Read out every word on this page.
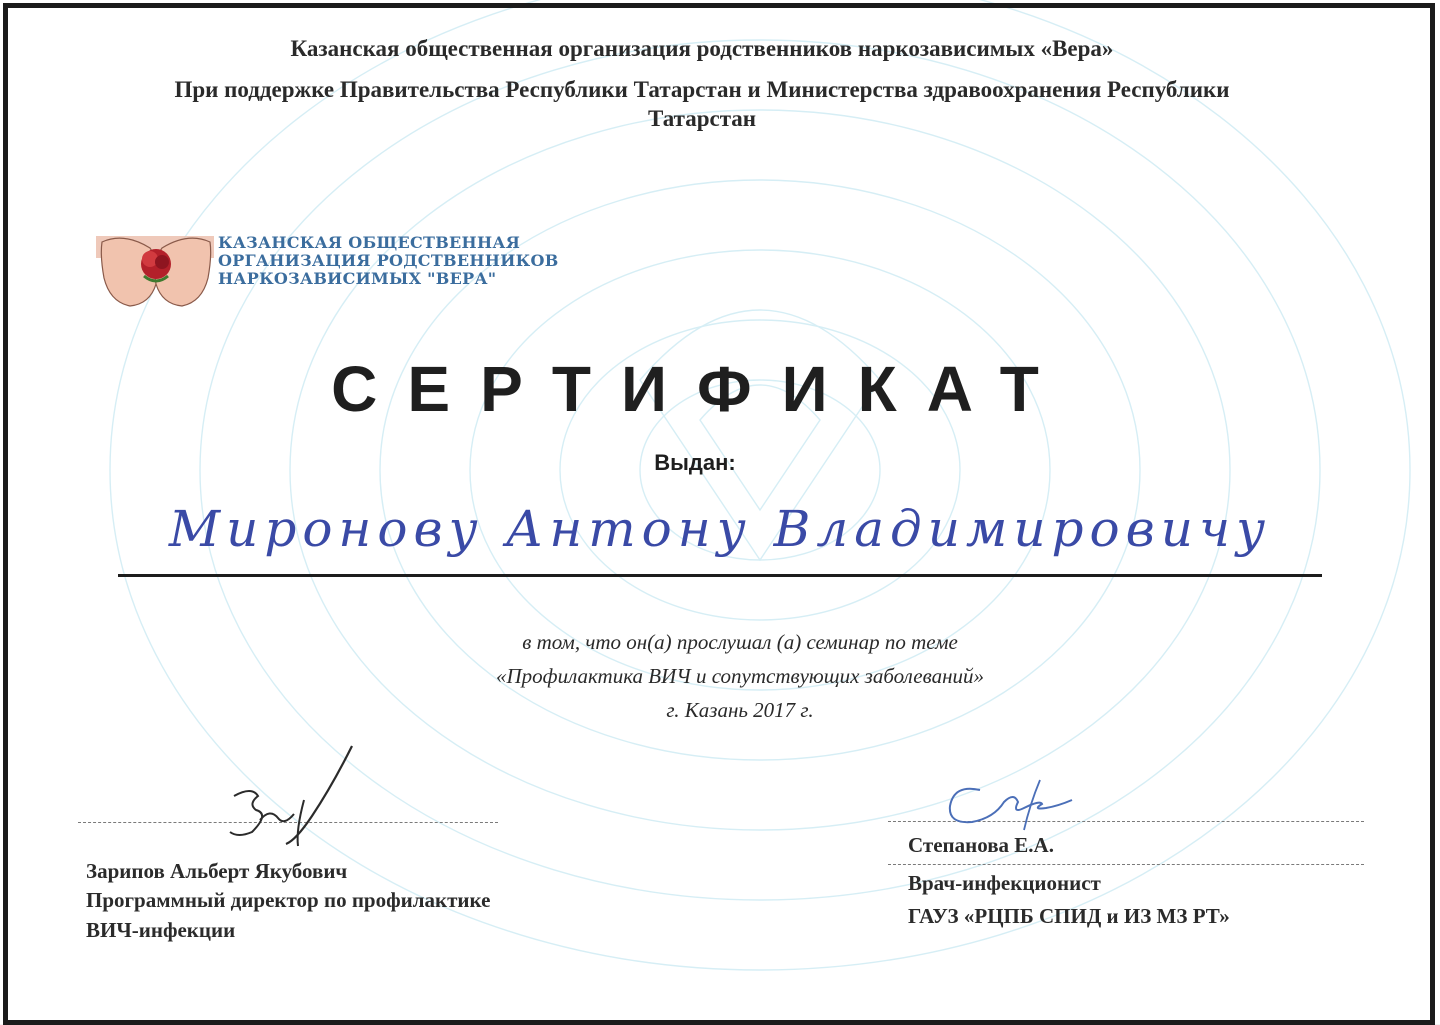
Казанская общественная организация родственников наркозависимых «Вера»
При поддержке Правительства Республики Татарстан и Министерства здравоохранения Республики
Татарстан
КАЗАНСКАЯ ОБЩЕСТВЕННАЯ
ОРГАНИЗАЦИЯ РОДСТВЕННИКОВ
НАРКОЗАВИСИМЫХ "ВЕРА"
СЕРТИФИКАТ
Выдан:
Миронову Антону Владимировичу
в том, что он(а) прослушал (а) семинар по теме
«Профилактика ВИЧ и сопутствующих заболеваний»
г. Казань 2017 г.
Зарипов Альберт Якубович
Программный директор по профилактике
ВИЧ-инфекции
Степанова Е.А.
Врач-инфекционист
ГАУЗ «РЦПБ СПИД и ИЗ МЗ РТ»
